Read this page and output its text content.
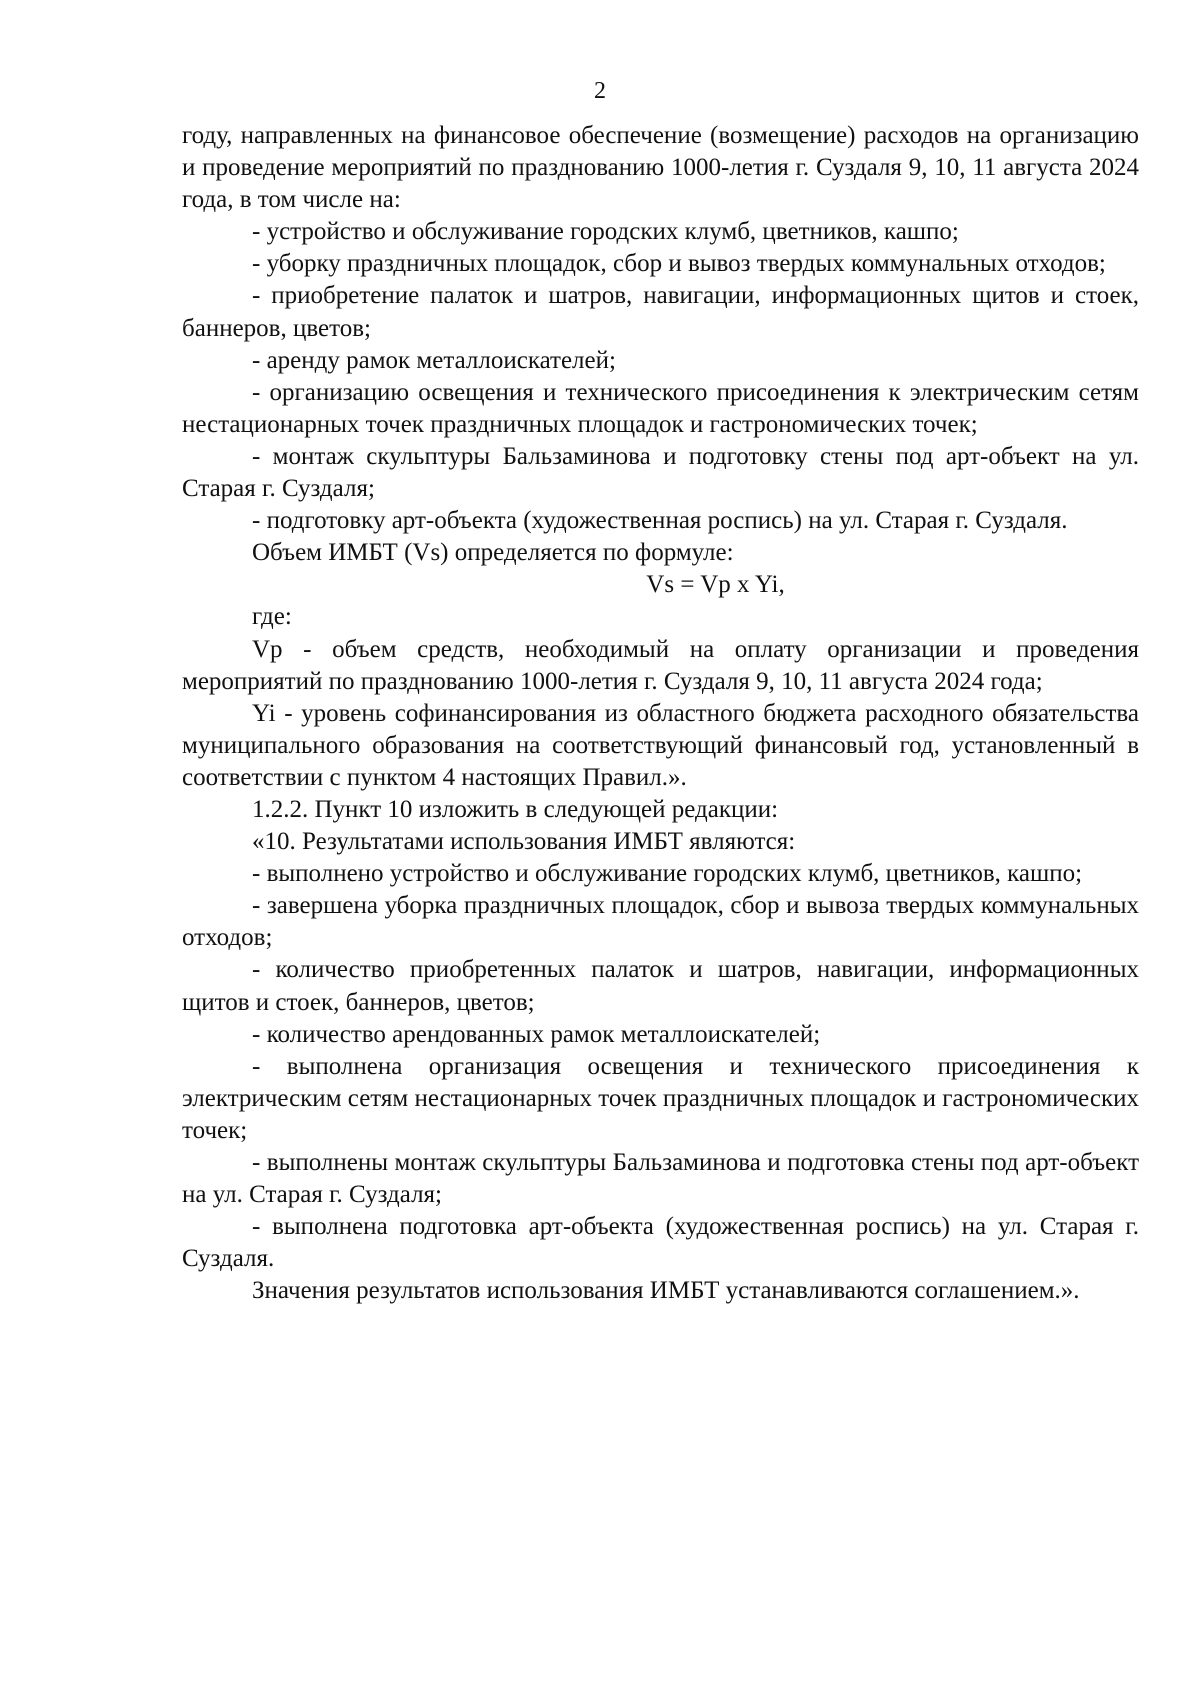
2

году, направленных на финансовое обеспечение (возмещение) расходов на организацию и проведение мероприятий по празднованию 1000-летия г. Суздаля 9, 10, 11 августа 2024 года, в том числе на:

- устройство и обслуживание городских клумб, цветников, кашпо;

- уборку праздничных площадок, сбор и вывоз твердых коммунальных отходов;

- приобретение палаток и шатров, навигации, информационных щитов и стоек, баннеров, цветов;

- аренду рамок металлоискателей;

- организацию освещения и технического присоединения к электрическим сетям нестационарных точек праздничных площадок и гастрономических точек;

- монтаж скульптуры Бальзаминова и подготовку стены под арт-объект на ул. Старая г. Суздаля;

- подготовку арт-объекта (художественная роспись) на ул. Старая г. Суздаля.

Объем ИМБТ (Vs) определяется по формуле:

Vs = Vp x Yi,

где:

Vp - объем средств, необходимый на оплату организации и проведения мероприятий по празднованию 1000-летия г. Суздаля 9, 10, 11 августа 2024 года;

Yi - уровень софинансирования из областного бюджета расходного обязательства муниципального образования на соответствующий финансовый год, установленный в соответствии с пунктом 4 настоящих Правил.».

1.2.2. Пункт 10 изложить в следующей редакции:

«10. Результатами использования ИМБТ являются:

- выполнено устройство и обслуживание городских клумб, цветников, кашпо;

- завершена уборка праздничных площадок, сбор и вывоза твердых коммунальных отходов;

- количество приобретенных палаток и шатров, навигации, информационных щитов и стоек, баннеров, цветов;

- количество арендованных рамок металлоискателей;

- выполнена организация освещения и технического присоединения к электрическим сетям нестационарных точек праздничных площадок и гастрономических точек;

- выполнены монтаж скульптуры Бальзаминова и подготовка стены под арт-объект на ул. Старая г. Суздаля;

- выполнена подготовка арт-объекта (художественная роспись) на ул. Старая г. Суздаля.

Значения результатов использования ИМБТ устанавливаются соглашением.».
